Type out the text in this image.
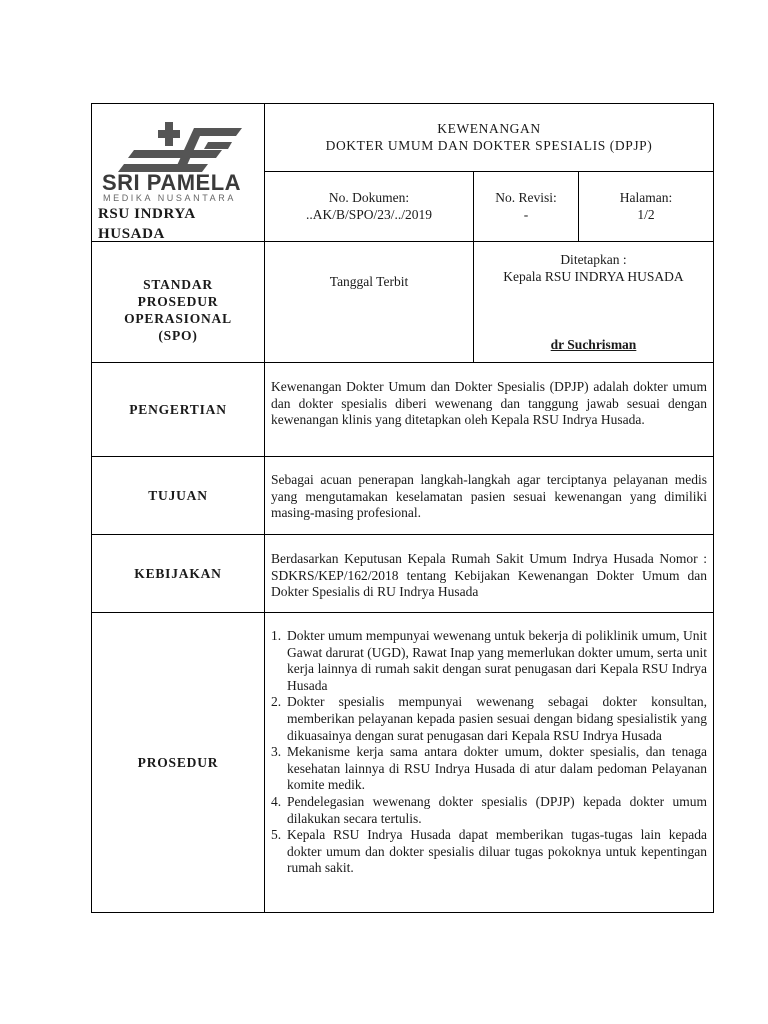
SRI PAMELA
MEDIKA NUSANTARA
RSU INDRYA HUSADA
KEWENANGAN
DOKTER UMUM DAN DOKTER SPESIALIS (DPJP)
No. Dokumen:
..AK/B/SPO/23/../2019
No. Revisi:
-
Halaman:
1/2
STANDAR PROSEDUR OPERASIONAL (SPO)
Tanggal Terbit
Ditetapkan :
Kepala RSU INDRYA HUSADA
dr Suchrisman
PENGERTIAN
Kewenangan Dokter Umum dan Dokter Spesialis (DPJP) adalah dokter umum dan dokter spesialis diberi wewenang dan tanggung jawab sesuai dengan kewenangan klinis yang ditetapkan oleh Kepala RSU Indrya Husada.
TUJUAN
Sebagai acuan penerapan langkah-langkah agar terciptanya pelayanan medis yang mengutamakan keselamatan pasien sesuai kewenangan yang dimiliki masing-masing profesional.
KEBIJAKAN
Berdasarkan Keputusan Kepala Rumah Sakit Umum Indrya Husada Nomor : SDKRS/KEP/162/2018 tentang Kebijakan Kewenangan Dokter Umum dan Dokter Spesialis di RU Indrya Husada
PROSEDUR
1. Dokter umum mempunyai wewenang untuk bekerja di poliklinik umum, Unit Gawat darurat (UGD), Rawat Inap yang memerlukan dokter umum, serta unit kerja lainnya di rumah sakit dengan surat penugasan dari Kepala RSU Indrya Husada
2. Dokter spesialis mempunyai wewenang sebagai dokter konsultan, memberikan pelayanan kepada pasien sesuai dengan bidang spesialistik yang dikuasainya dengan surat penugasan dari Kepala RSU Indrya Husada
3. Mekanisme kerja sama antara dokter umum, dokter spesialis, dan tenaga kesehatan lainnya di RSU Indrya Husada di atur dalam pedoman Pelayanan komite medik.
4. Pendelegasian wewenang dokter spesialis (DPJP) kepada dokter umum dilakukan secara tertulis.
5. Kepala RSU Indrya Husada dapat memberikan tugas-tugas lain kepada dokter umum dan dokter spesialis diluar tugas pokoknya untuk kepentingan rumah sakit.
